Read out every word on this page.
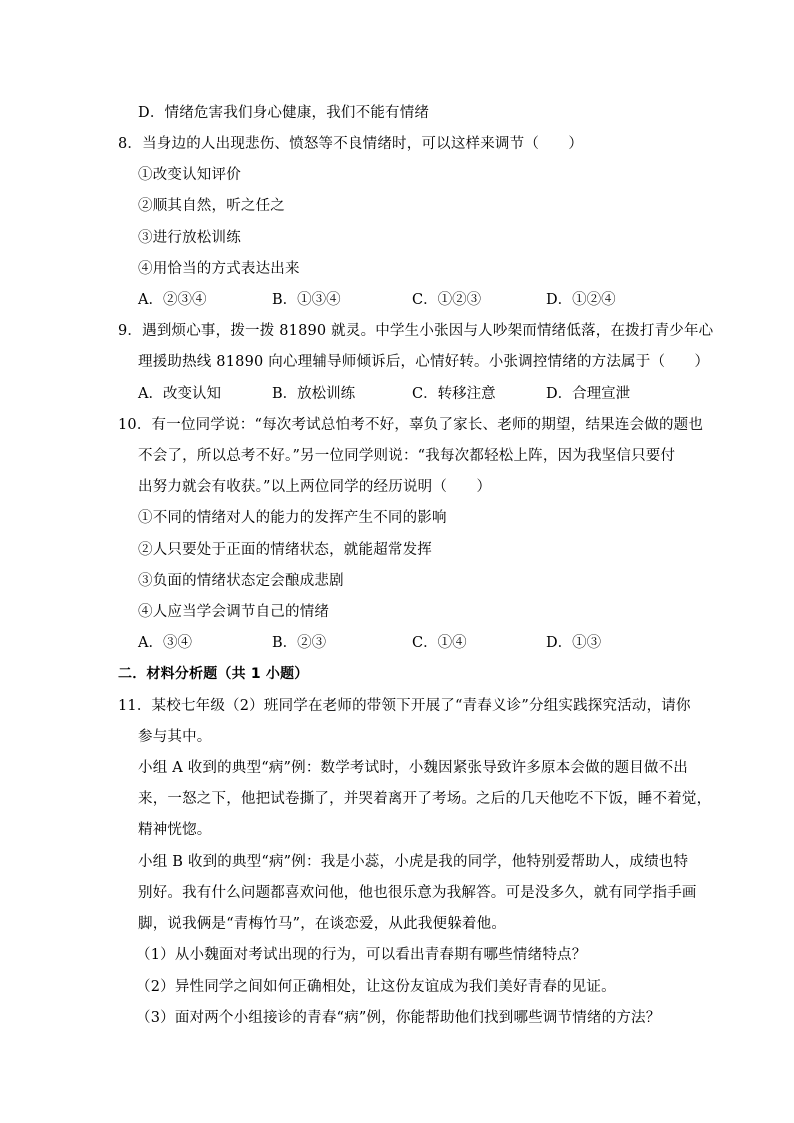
D．情绪危害我们身心健康，我们不能有情绪
8．当身边的人出现悲伤、愤怒等不良情绪时，可以这样来调节（　　）
①改变认知评价
②顺其自然，听之任之
③进行放松训练
④用恰当的方式表达出来
A．②③④	B．①③④	C．①②③	D．①②④
9．遇到烦心事，拨一拨 81890 就灵。中学生小张因与人吵架而情绪低落，在拨打青少年心
理援助热线 81890 向心理辅导师倾诉后，心情好转。小张调控情绪的方法属于（　　）
A．改变认知	B．放松训练	C．转移注意	D．合理宣泄
10．有一位同学说：“每次考试总怕考不好，辜负了家长、老师的期望，结果连会做的题也
不会了，所以总考不好。”另一位同学则说：“我每次都轻松上阵，因为我坚信只要付
出努力就会有收获。”以上两位同学的经历说明（　　）
①不同的情绪对人的能力的发挥产生不同的影响
②人只要处于正面的情绪状态，就能超常发挥
③负面的情绪状态定会酿成悲剧
④人应当学会调节自己的情绪
A．③④	B．②③	C．①④	D．①③
二．材料分析题（共 1 小题）
11．某校七年级（2）班同学在老师的带领下开展了“青春义诊”分组实践探究活动，请你
参与其中。
小组 A 收到的典型“病”例：数学考试时，小魏因紧张导致许多原本会做的题目做不出
来，一怒之下，他把试卷撕了，并哭着离开了考场。之后的几天他吃不下饭，睡不着觉，
精神恍惚。
小组 B 收到的典型“病”例：我是小蕊，小虎是我的同学，他特别爱帮助人，成绩也特
别好。我有什么问题都喜欢问他，他也很乐意为我解答。可是没多久，就有同学指手画
脚，说我俩是“青梅竹马”，在谈恋爱，从此我便躲着他。
（1）从小魏面对考试出现的行为，可以看出青春期有哪些情绪特点？
（2）异性同学之间如何正确相处，让这份友谊成为我们美好青春的见证。
（3）面对两个小组接诊的青春“病”例，你能帮助他们找到哪些调节情绪的方法？
